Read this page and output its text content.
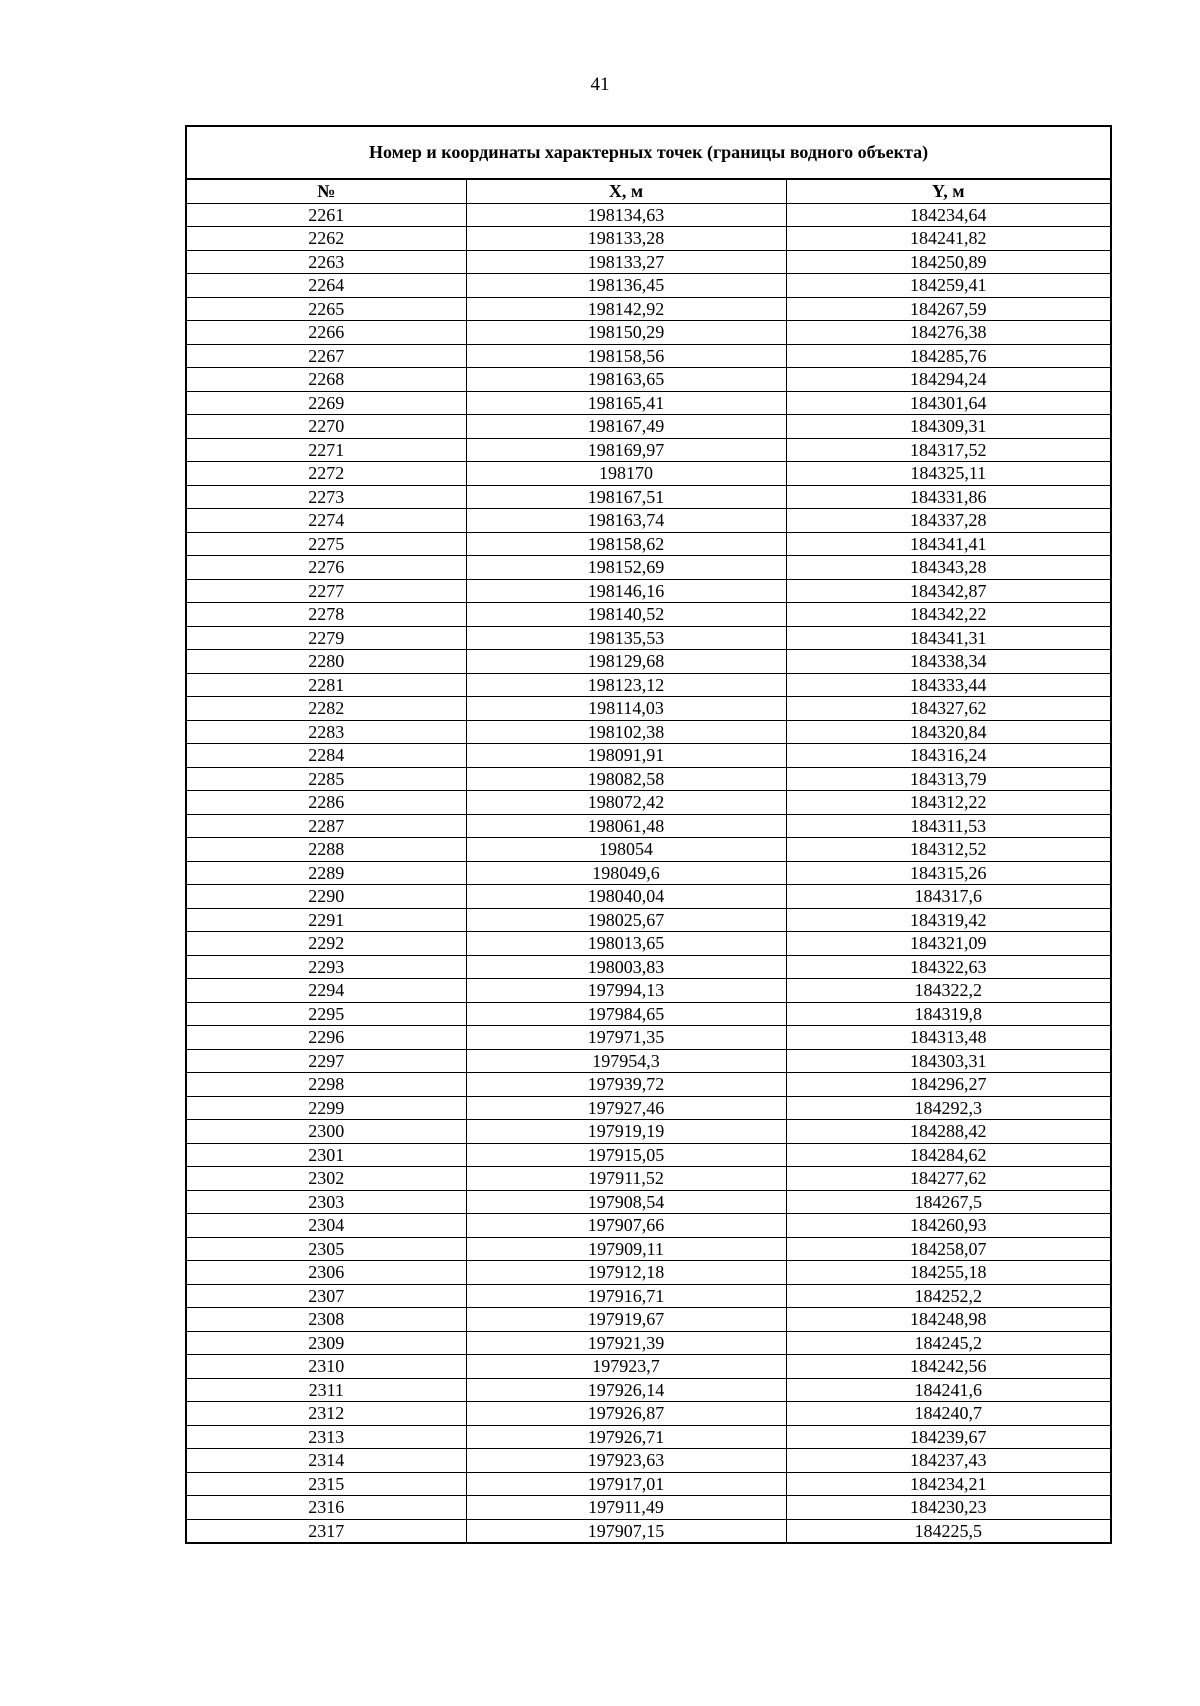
41
Номер и координаты характерных точек (границы водного объекта)		
№	X, м	Y, м
2261	198134,63	184234,64
2262	198133,28	184241,82
2263	198133,27	184250,89
2264	198136,45	184259,41
2265	198142,92	184267,59
2266	198150,29	184276,38
2267	198158,56	184285,76
2268	198163,65	184294,24
2269	198165,41	184301,64
2270	198167,49	184309,31
2271	198169,97	184317,52
2272	198170	184325,11
2273	198167,51	184331,86
2274	198163,74	184337,28
2275	198158,62	184341,41
2276	198152,69	184343,28
2277	198146,16	184342,87
2278	198140,52	184342,22
2279	198135,53	184341,31
2280	198129,68	184338,34
2281	198123,12	184333,44
2282	198114,03	184327,62
2283	198102,38	184320,84
2284	198091,91	184316,24
2285	198082,58	184313,79
2286	198072,42	184312,22
2287	198061,48	184311,53
2288	198054	184312,52
2289	198049,6	184315,26
2290	198040,04	184317,6
2291	198025,67	184319,42
2292	198013,65	184321,09
2293	198003,83	184322,63
2294	197994,13	184322,2
2295	197984,65	184319,8
2296	197971,35	184313,48
2297	197954,3	184303,31
2298	197939,72	184296,27
2299	197927,46	184292,3
2300	197919,19	184288,42
2301	197915,05	184284,62
2302	197911,52	184277,62
2303	197908,54	184267,5
2304	197907,66	184260,93
2305	197909,11	184258,07
2306	197912,18	184255,18
2307	197916,71	184252,2
2308	197919,67	184248,98
2309	197921,39	184245,2
2310	197923,7	184242,56
2311	197926,14	184241,6
2312	197926,87	184240,7
2313	197926,71	184239,67
2314	197923,63	184237,43
2315	197917,01	184234,21
2316	197911,49	184230,23
2317	197907,15	184225,5
